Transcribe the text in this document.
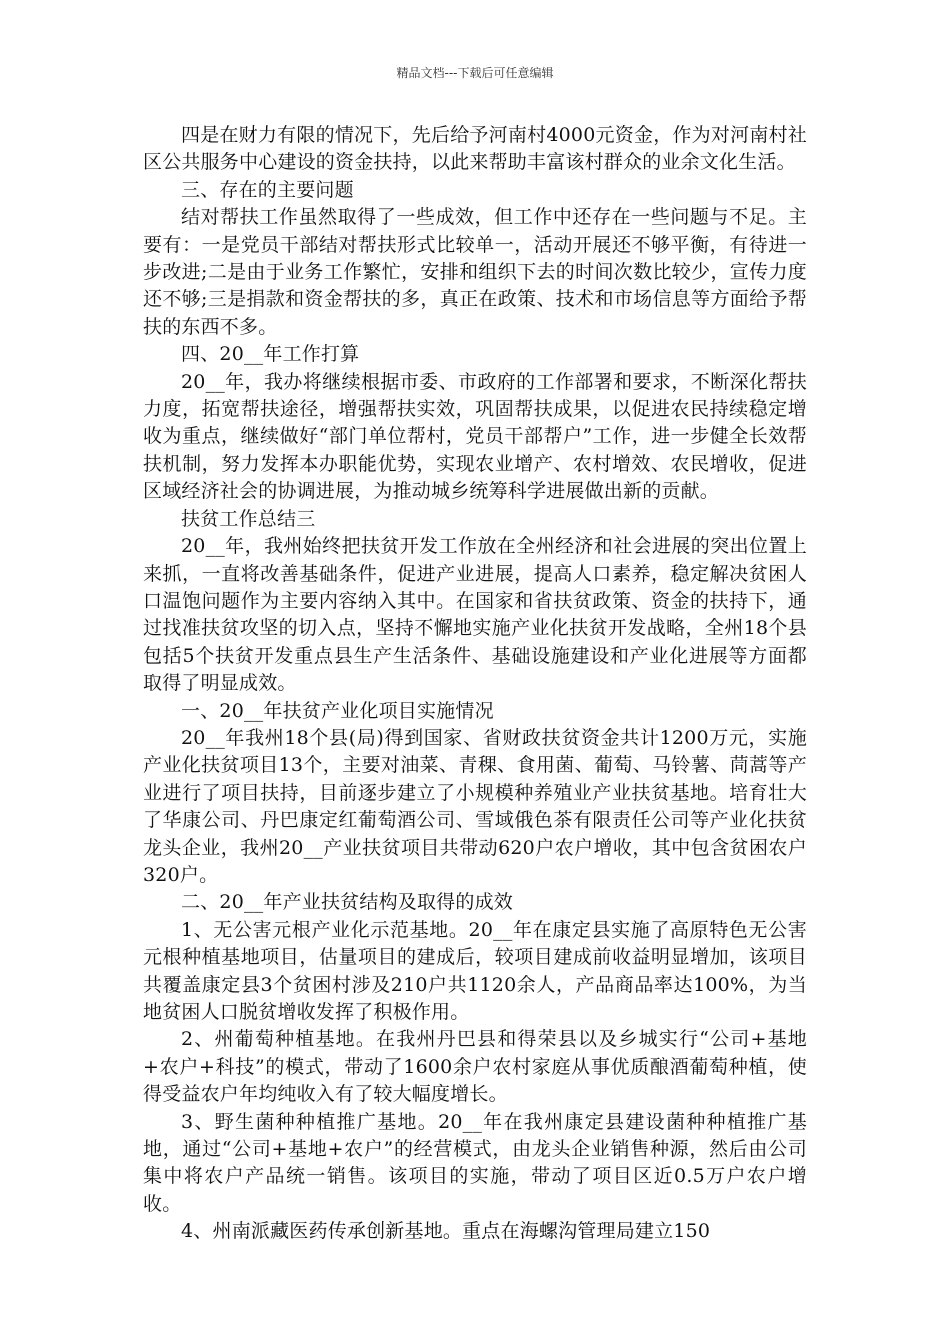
精品文档---下载后可任意编辑

四是在财力有限的情况下，先后给予河南村4000元资金，作为对河南村社区公共服务中心建设的资金扶持，以此来帮助丰富该村群众的业余文化生活。

三、存在的主要问题

结对帮扶工作虽然取得了一些成效，但工作中还存在一些问题与不足。主要有：一是党员干部结对帮扶形式比较单一，活动开展还不够平衡，有待进一步改进;二是由于业务工作繁忙，安排和组织下去的时间次数比较少，宣传力度还不够;三是捐款和资金帮扶的多，真正在政策、技术和市场信息等方面给予帮扶的东西不多。

四、20__年工作打算

20__年，我办将继续根据市委、市政府的工作部署和要求，不断深化帮扶力度，拓宽帮扶途径，增强帮扶实效，巩固帮扶成果，以促进农民持续稳定增收为重点，继续做好“部门单位帮村，党员干部帮户”工作，进一步健全长效帮扶机制，努力发挥本办职能优势，实现农业增产、农村增效、农民增收，促进区域经济社会的协调进展，为推动城乡统筹科学进展做出新的贡献。

扶贫工作总结三

20__年，我州始终把扶贫开发工作放在全州经济和社会进展的突出位置上来抓，一直将改善基础条件，促进产业进展，提高人口素养，稳定解决贫困人口温饱问题作为主要内容纳入其中。在国家和省扶贫政策、资金的扶持下，通过找准扶贫攻坚的切入点，坚持不懈地实施产业化扶贫开发战略，全州18个县包括5个扶贫开发重点县生产生活条件、基础设施建设和产业化进展等方面都取得了明显成效。

一、20__年扶贫产业化项目实施情况

20__年我州18个县(局)得到国家、省财政扶贫资金共计1200万元，实施产业化扶贫项目13个，主要对油菜、青稞、食用菌、葡萄、马铃薯、茼蒿等产业进行了项目扶持，目前逐步建立了小规模种养殖业产业扶贫基地。培育壮大了华康公司、丹巴康定红葡萄酒公司、雪域俄色茶有限责任公司等产业化扶贫龙头企业，我州20__产业扶贫项目共带动620户农户增收，其中包含贫困农户320户。

二、20__年产业扶贫结构及取得的成效

1、无公害元根产业化示范基地。20__年在康定县实施了高原特色无公害元根种植基地项目，估量项目的建成后，较项目建成前收益明显增加，该项目共覆盖康定县3个贫困村涉及210户共1120余人，产品商品率达100%，为当地贫困人口脱贫增收发挥了积极作用。

2、州葡萄种植基地。在我州丹巴县和得荣县以及乡城实行“公司+基地+农户+科技”的模式，带动了1600余户农村家庭从事优质酿酒葡萄种植，使得受益农户年均纯收入有了较大幅度增长。

3、野生菌种种植推广基地。20__年在我州康定县建设菌种种植推广基地，通过“公司+基地+农户”的经营模式，由龙头企业销售种源，然后由公司集中将农户产品统一销售。该项目的实施，带动了项目区近0.5万户农户增收。

4、州南派藏医药传承创新基地。重点在海螺沟管理局建立150
